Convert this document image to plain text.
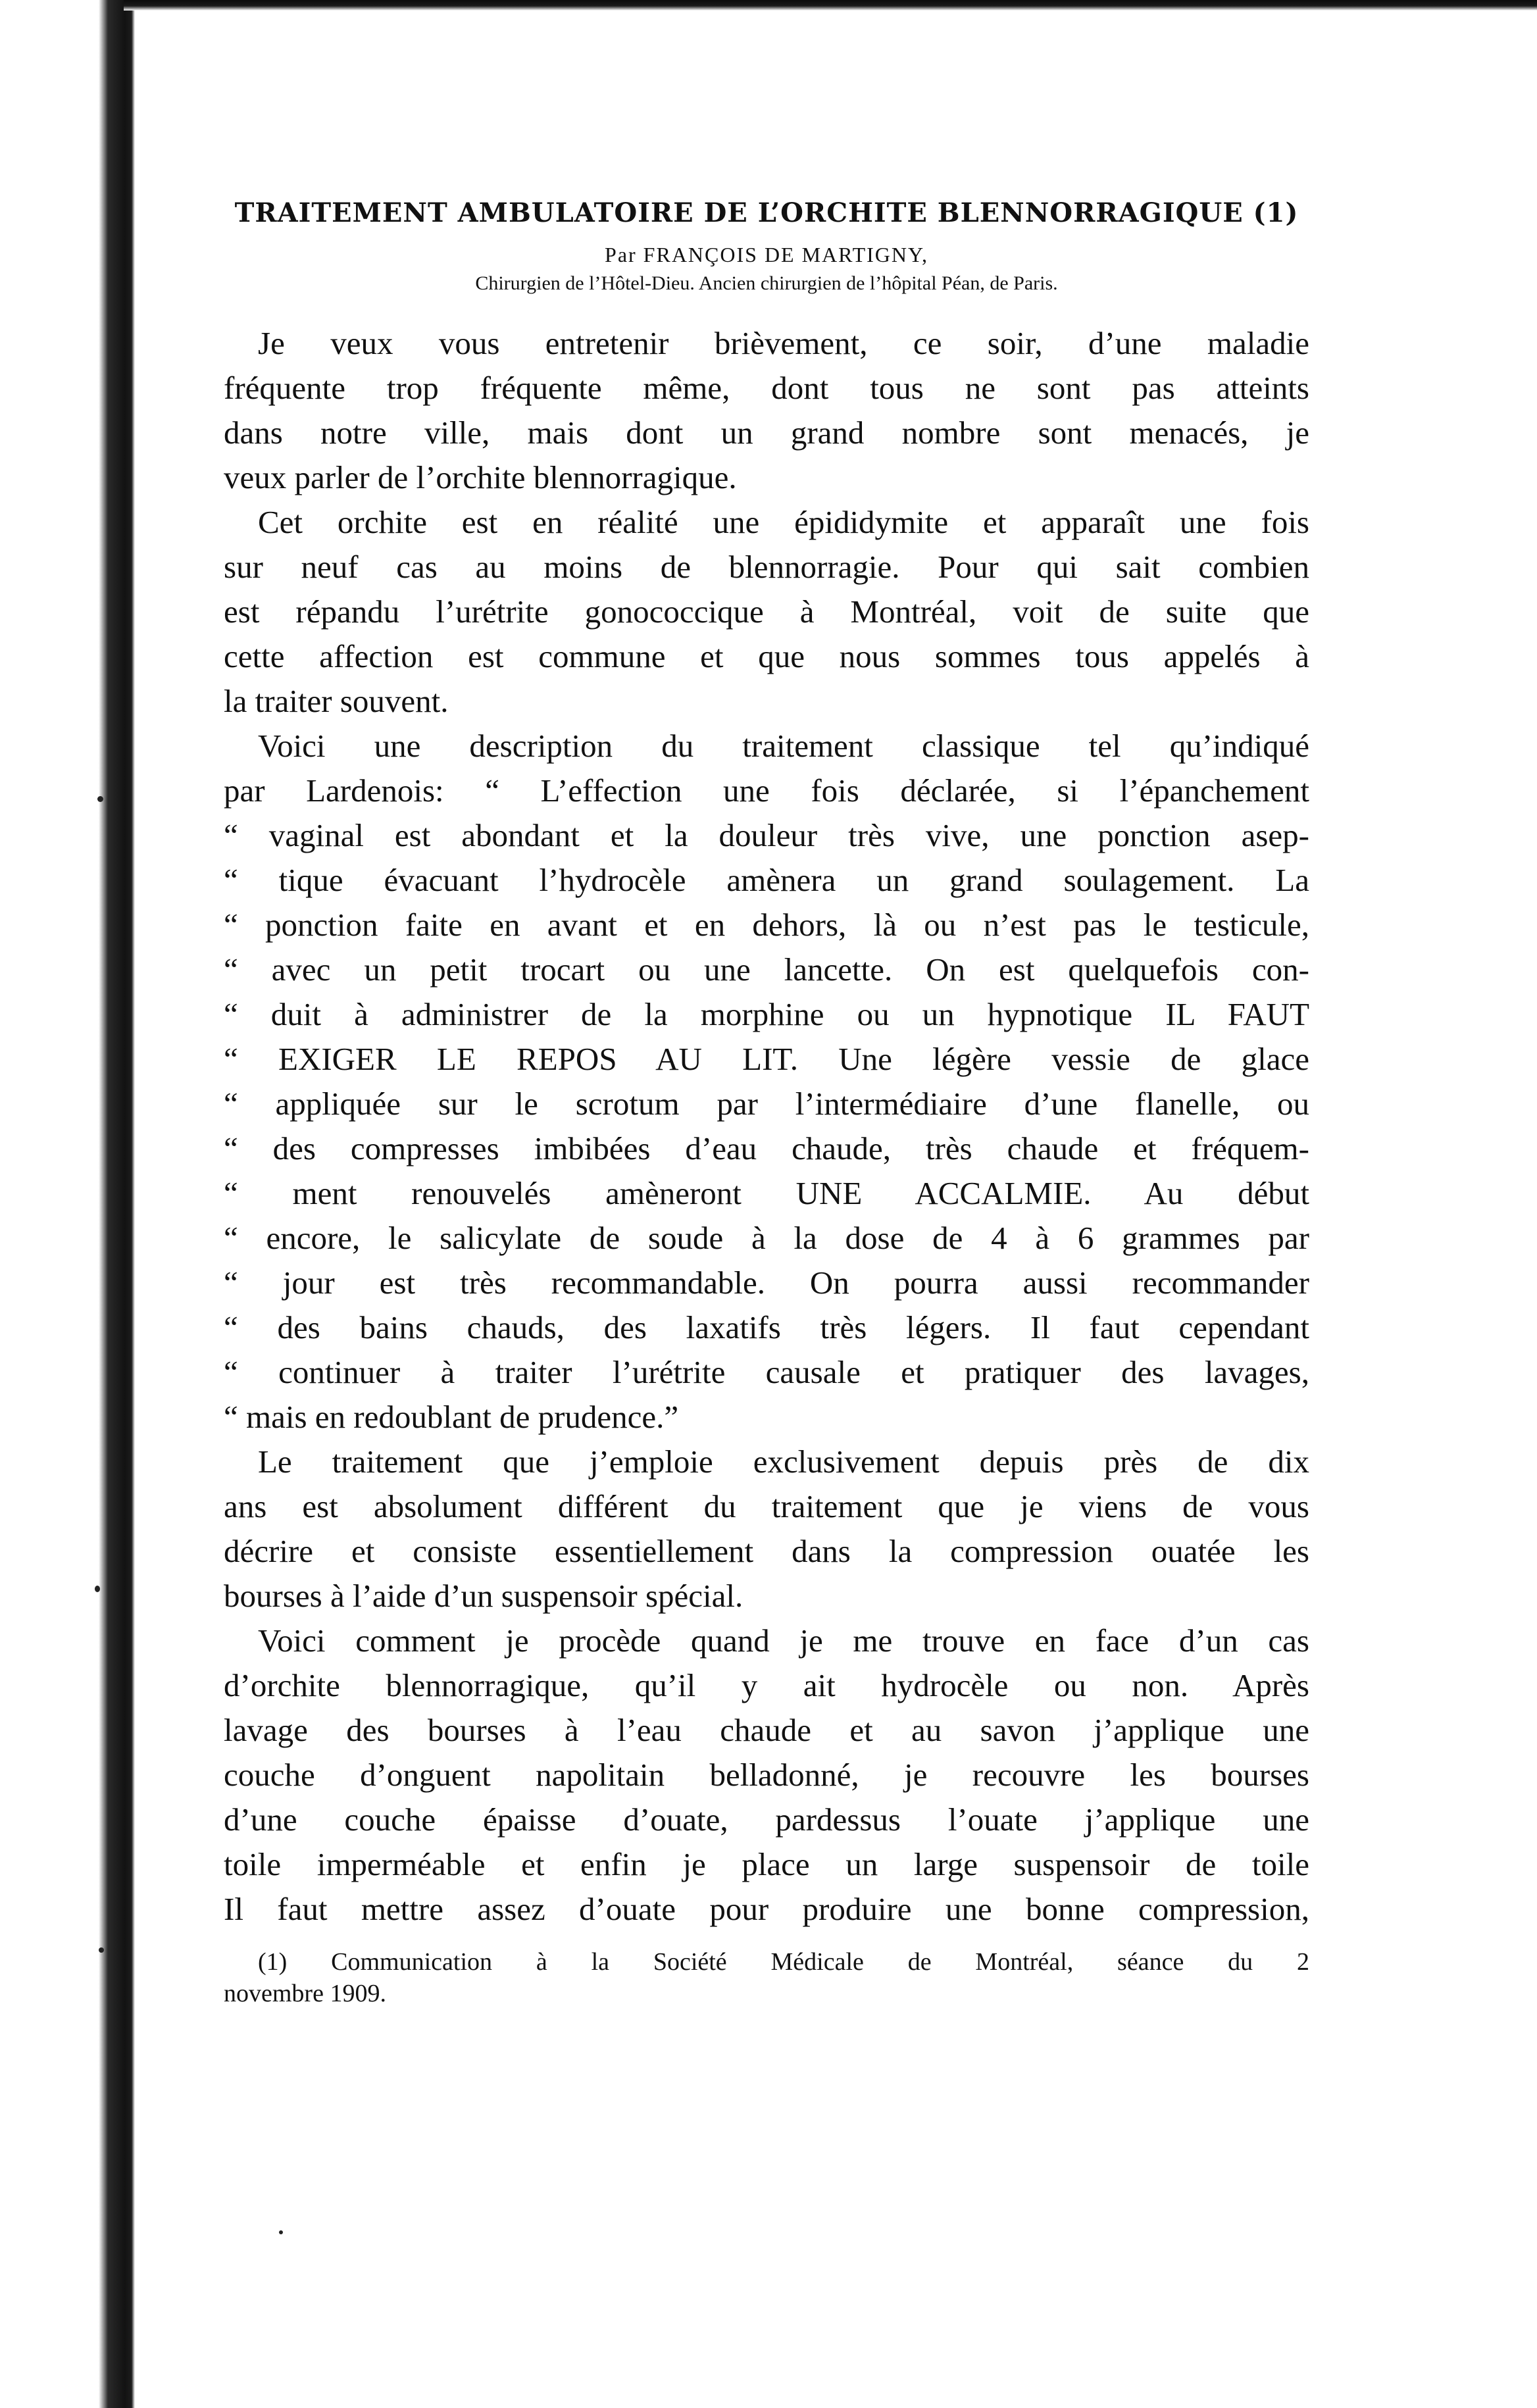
TRAITEMENT AMBULATOIRE DE L’ORCHITE BLENNORRAGIQUE (1)
Par FRANÇOIS DE MARTIGNY,
Chirurgien de l’Hôtel-Dieu. Ancien chirurgien de l’hôpital Péan, de Paris.
Je veux vous entretenir brièvement, ce soir, d’une maladie
fréquente trop fréquente même, dont tous ne sont pas atteints
dans notre ville, mais dont un grand nombre sont menacés, je
veux parler de l’orchite blennorragique.
Cet orchite est en réalité une épididymite et apparaît une fois
sur neuf cas au moins de blennorragie. Pour qui sait combien
est répandu l’urétrite gonococcique à Montréal, voit de suite que
cette affection est commune et que nous sommes tous appelés à
la traiter souvent.
Voici une description du traitement classique tel qu’indiqué
par Lardenois: “ L’effection une fois déclarée, si l’épanchement
“ vaginal est abondant et la douleur très vive, une ponction asep-
“ tique évacuant l’hydrocèle amènera un grand soulagement. La
“ ponction faite en avant et en dehors, là ou n’est pas le testicule,
“ avec un petit trocart ou une lancette. On est quelquefois con-
“ duit à administrer de la morphine ou un hypnotique IL FAUT
“ EXIGER LE REPOS AU LIT. Une légère vessie de glace
“ appliquée sur le scrotum par l’intermédiaire d’une flanelle, ou
“ des compresses imbibées d’eau chaude, très chaude et fréquem-
“ ment renouvelés amèneront UNE ACCALMIE. Au début
“ encore, le salicylate de soude à la dose de 4 à 6 grammes par
“ jour est très recommandable. On pourra aussi recommander
“ des bains chauds, des laxatifs très légers. Il faut cependant
“ continuer à traiter l’urétrite causale et pratiquer des lavages,
“ mais en redoublant de prudence.”
Le traitement que j’emploie exclusivement depuis près de dix
ans est absolument différent du traitement que je viens de vous
décrire et consiste essentiellement dans la compression ouatée les
bourses à l’aide d’un suspensoir spécial.
Voici comment je procède quand je me trouve en face d’un cas
d’orchite blennorragique, qu’il y ait hydrocèle ou non. Après
lavage des bourses à l’eau chaude et au savon j’applique une
couche d’onguent napolitain belladonné, je recouvre les bourses
d’une couche épaisse d’ouate, pardessus l’ouate j’applique une
toile imperméable et enfin je place un large suspensoir de toile
Il faut mettre assez d’ouate pour produire une bonne compression,
(1) Communication à la Société Médicale de Montréal, séance du 2
novembre 1909.
